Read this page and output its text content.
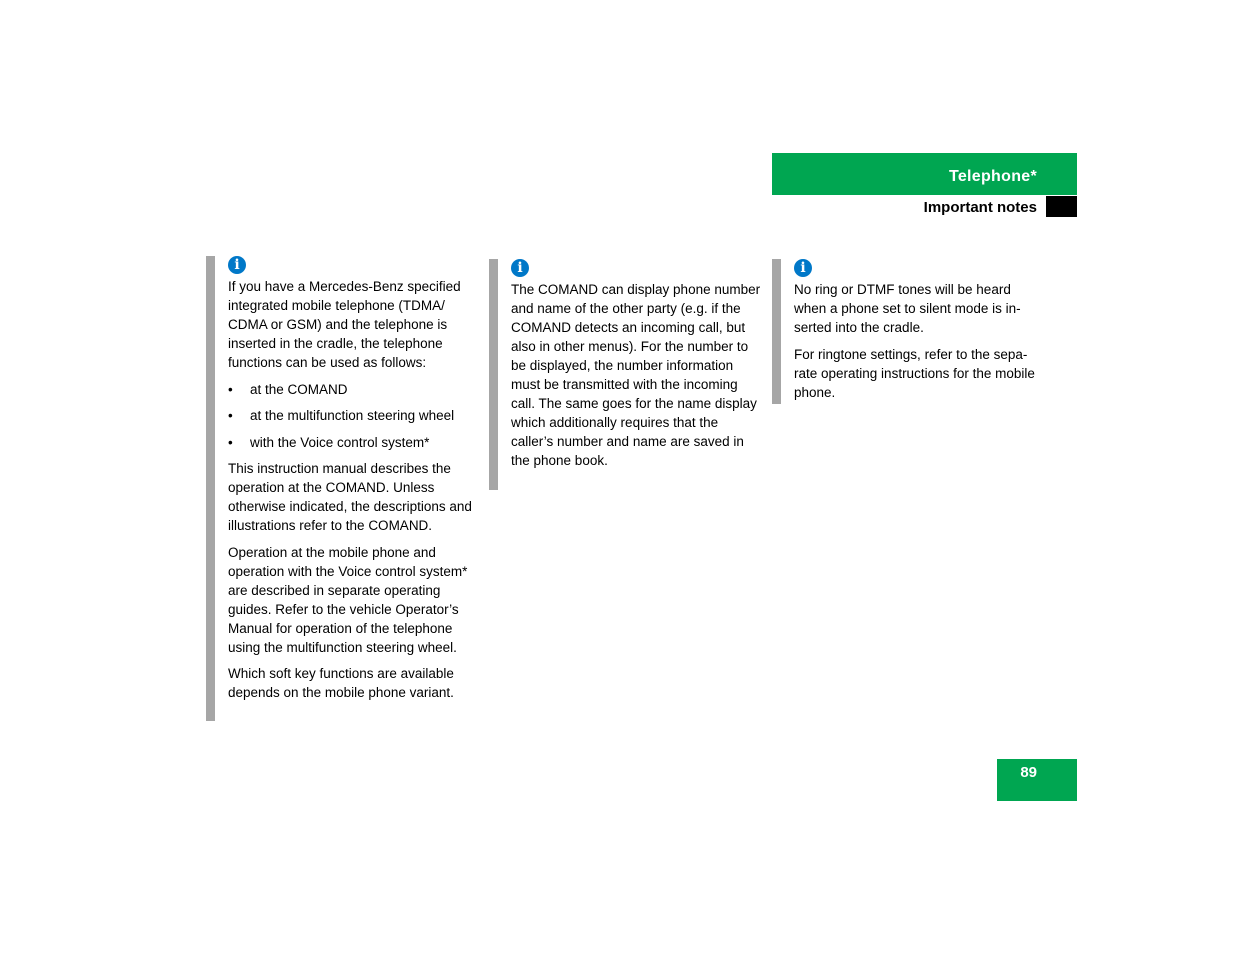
Telephone*
Important notes
i

If you have a Mercedes-Benz specified integrated mobile telephone (TDMA/ CDMA or GSM) and the telephone is inserted in the cradle, the telephone functions can be used as follows:

• at the COMAND
• at the multifunction steering wheel
• with the Voice control system*

This instruction manual describes the operation at the COMAND. Unless otherwise indicated, the descriptions and illustrations refer to the COMAND.

Operation at the mobile phone and operation with the Voice control system* are described in separate operating guides. Refer to the vehicle Operator’s Manual for operation of the telephone using the multifunction steering wheel.

Which soft key functions are available depends on the mobile phone variant.

i

The COMAND can display phone number and name of the other party (e.g. if the COMAND detects an incoming call, but also in other menus). For the number to be displayed, the number information must be transmitted with the incoming call. The same goes for the name display which additionally requires that the caller’s number and name are saved in the phone book.

i

No ring or DTMF tones will be heard when a phone set to silent mode is in-serted into the cradle.

For ringtone settings, refer to the sepa-rate operating instructions for the mobile phone.

89
